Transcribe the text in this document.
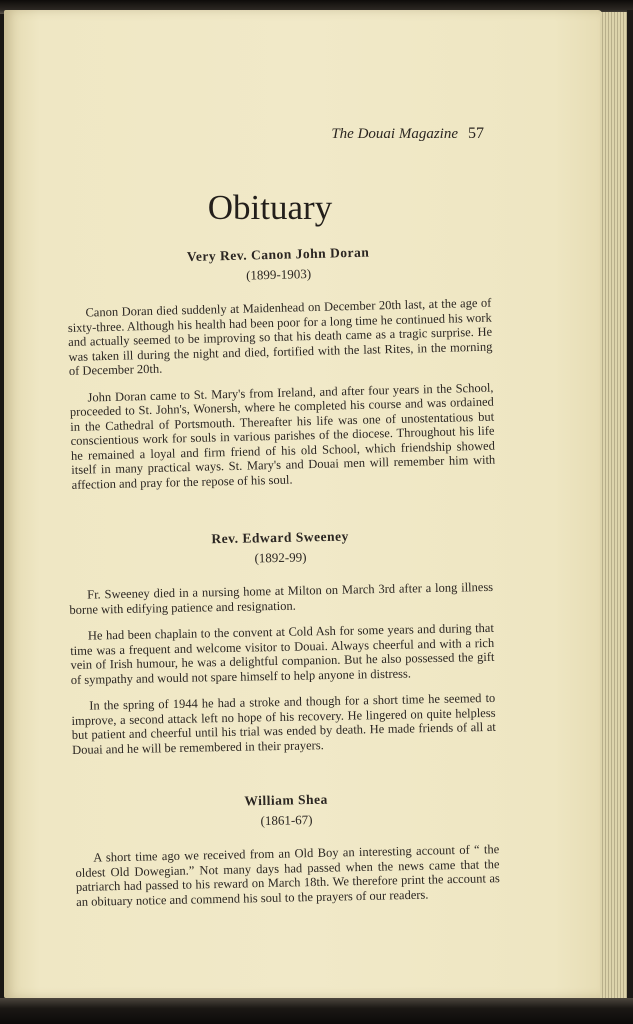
The Douai Magazine 57
Obituary
Very Rev. Canon John Doran
(1899-1903)

Canon Doran died suddenly at Maidenhead on December 20th last, at the age of sixty-three. Although his health had been poor for a long time he continued his work and actually seemed to be improving so that his death came as a tragic surprise. He was taken ill during the night and died, fortified with the last Rites, in the morning of December 20th.

John Doran came to St. Mary's from Ireland, and after four years in the School, proceeded to St. John's, Wonersh, where he completed his course and was ordained in the Cathedral of Portsmouth. Thereafter his life was one of unostentatious but conscientious work for souls in various parishes of the diocese. Throughout his life he remained a loyal and firm friend of his old School, which friendship showed itself in many practical ways. St. Mary's and Douai men will remember him with affection and pray for the repose of his soul.

Rev. Edward Sweeney
(1892-99)

Fr. Sweeney died in a nursing home at Milton on March 3rd after a long illness borne with edifying patience and resignation.

He had been chaplain to the convent at Cold Ash for some years and during that time was a frequent and welcome visitor to Douai. Always cheerful and with a rich vein of Irish humour, he was a delightful companion. But he also possessed the gift of sympathy and would not spare himself to help anyone in distress.

In the spring of 1944 he had a stroke and though for a short time he seemed to improve, a second attack left no hope of his recovery. He lingered on quite helpless but patient and cheerful until his trial was ended by death. He made friends of all at Douai and he will be remembered in their prayers.

William Shea
(1861-67)

A short time ago we received from an Old Boy an interesting account of “ the oldest Old Dowegian.” Not many days had passed when the news came that the patriarch had passed to his reward on March 18th. We therefore print the account as an obituary notice and commend his soul to the prayers of our readers.
